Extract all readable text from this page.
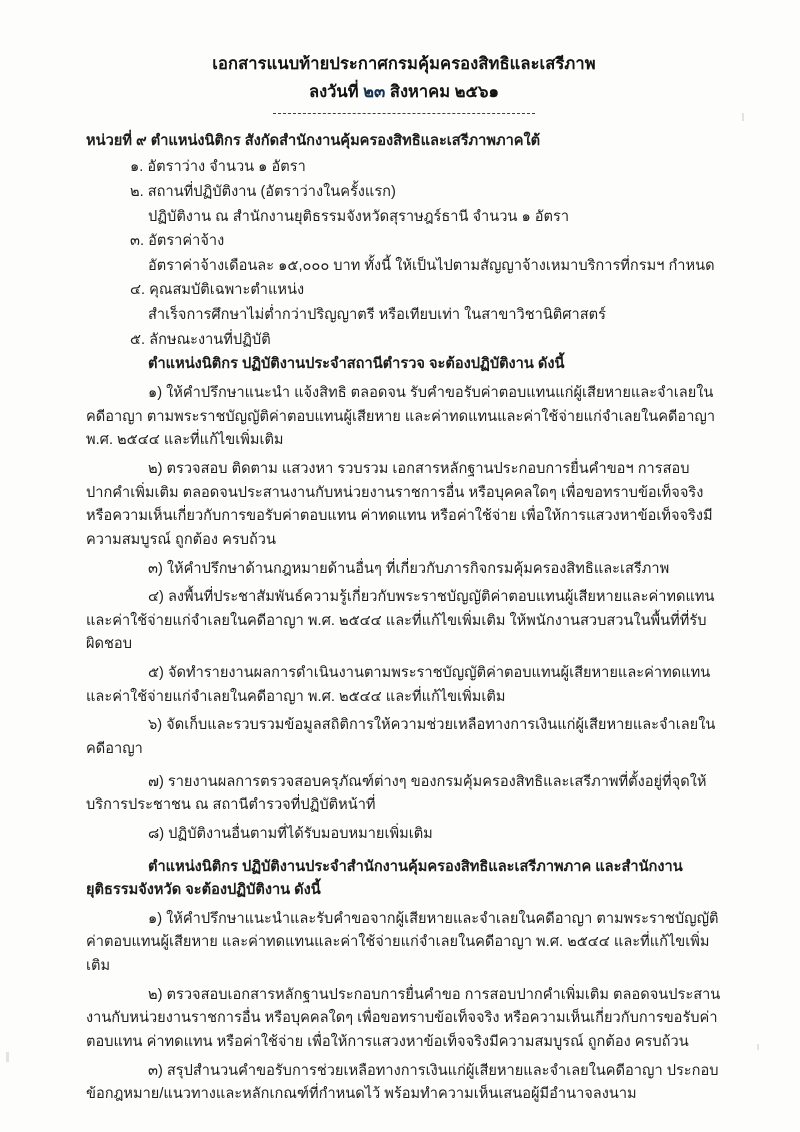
เอกสารแนบท้ายประกาศกรมคุ้มครองสิทธิและเสรีภาพ

ลงวันที่ ๒๓ สิงหาคม ๒๕๖๑

หน่วยที่ ๙ ตำแหน่งนิติกร สังกัดสำนักงานคุ้มครองสิทธิและเสรีภาพภาคใต้

๑. อัตราว่าง จำนวน ๑ อัตรา

๒. สถานที่ปฏิบัติงาน (อัตราว่างในครั้งแรก)

ปฏิบัติงาน ณ สำนักงานยุติธรรมจังหวัดสุราษฎร์ธานี จำนวน ๑ อัตรา

๓. อัตราค่าจ้าง

อัตราค่าจ้างเดือนละ ๑๕,๐๐๐ บาท ทั้งนี้ ให้เป็นไปตามสัญญาจ้างเหมาบริการที่กรมฯ กำหนด

๔. คุณสมบัติเฉพาะตำแหน่ง

สำเร็จการศึกษาไม่ต่ำกว่าปริญญาตรี หรือเทียบเท่า ในสาขาวิชานิติศาสตร์

๕. ลักษณะงานที่ปฏิบัติ

ตำแหน่งนิติกร ปฏิบัติงานประจำสถานีตำรวจ จะต้องปฏิบัติงาน ดังนี้

๑) ให้คำปรึกษาแนะนำ แจ้งสิทธิ ตลอดจน รับคำขอรับค่าตอบแทนแก่ผู้เสียหายและจำเลยในคดีอาญา ตามพระราชบัญญัติค่าตอบแทนผู้เสียหาย และค่าทดแทนและค่าใช้จ่ายแก่จำเลยในคดีอาญา พ.ศ. ๒๕๔๔ และที่แก้ไขเพิ่มเติม

๒) ตรวจสอบ ติดตาม แสวงหา รวบรวม เอกสารหลักฐานประกอบการยื่นคำขอฯ การสอบปากคำเพิ่มเติม ตลอดจนประสานงานกับหน่วยงานราชการอื่น หรือบุคคลใดๆ เพื่อขอทราบข้อเท็จจริง หรือความเห็นเกี่ยวกับการขอรับค่าตอบแทน ค่าทดแทน หรือค่าใช้จ่าย เพื่อให้การแสวงหาข้อเท็จจริงมีความสมบูรณ์ ถูกต้อง ครบถ้วน

๓) ให้คำปรึกษาด้านกฎหมายด้านอื่นๆ ที่เกี่ยวกับภารกิจกรมคุ้มครองสิทธิและเสรีภาพ

๔) ลงพื้นที่ประชาสัมพันธ์ความรู้เกี่ยวกับพระราชบัญญัติค่าตอบแทนผู้เสียหายและค่าทดแทนและค่าใช้จ่ายแก่จำเลยในคดีอาญา พ.ศ. ๒๕๔๔ และที่แก้ไขเพิ่มเติม ให้พนักงานสวบสวนในพื้นที่ที่รับผิดชอบ

๕) จัดทำรายงานผลการดำเนินงานตามพระราชบัญญัติค่าตอบแทนผู้เสียหายและค่าทดแทนและค่าใช้จ่ายแก่จำเลยในคดีอาญา พ.ศ. ๒๕๔๔ และที่แก้ไขเพิ่มเติม

๖) จัดเก็บและรวบรวมข้อมูลสถิติการให้ความช่วยเหลือทางการเงินแก่ผู้เสียหายและจำเลยในคดีอาญา

๗) รายงานผลการตรวจสอบครุภัณฑ์ต่างๆ ของกรมคุ้มครองสิทธิและเสรีภาพที่ตั้งอยู่ที่จุดให้บริการประชาชน ณ สถานีตำรวจที่ปฏิบัติหน้าที่

๘) ปฏิบัติงานอื่นตามที่ได้รับมอบหมายเพิ่มเติม

ตำแหน่งนิติกร ปฏิบัติงานประจำสำนักงานคุ้มครองสิทธิและเสรีภาพภาค และสำนักงานยุติธรรมจังหวัด จะต้องปฏิบัติงาน ดังนี้

๑) ให้คำปรึกษาแนะนำและรับคำขอจากผู้เสียหายและจำเลยในคดีอาญา ตามพระราชบัญญัติค่าตอบแทนผู้เสียหาย และค่าทดแทนและค่าใช้จ่ายแก่จำเลยในคดีอาญา พ.ศ. ๒๕๔๔ และที่แก้ไขเพิ่มเติม

๒) ตรวจสอบเอกสารหลักฐานประกอบการยื่นคำขอ การสอบปากคำเพิ่มเติม ตลอดจนประสานงานกับหน่วยงานราชการอื่น หรือบุคคลใดๆ เพื่อขอทราบข้อเท็จจริง หรือความเห็นเกี่ยวกับการขอรับค่าตอบแทน ค่าทดแทน หรือค่าใช้จ่าย เพื่อให้การแสวงหาข้อเท็จจริงมีความสมบูรณ์ ถูกต้อง ครบถ้วน

๓) สรุปสำนวนคำขอรับการช่วยเหลือทางการเงินแก่ผู้เสียหายและจำเลยในคดีอาญา ประกอบข้อกฎหมาย/แนวทางและหลักเกณฑ์ที่กำหนดไว้ พร้อมทำความเห็นเสนอผู้มีอำนาจลงนาม
